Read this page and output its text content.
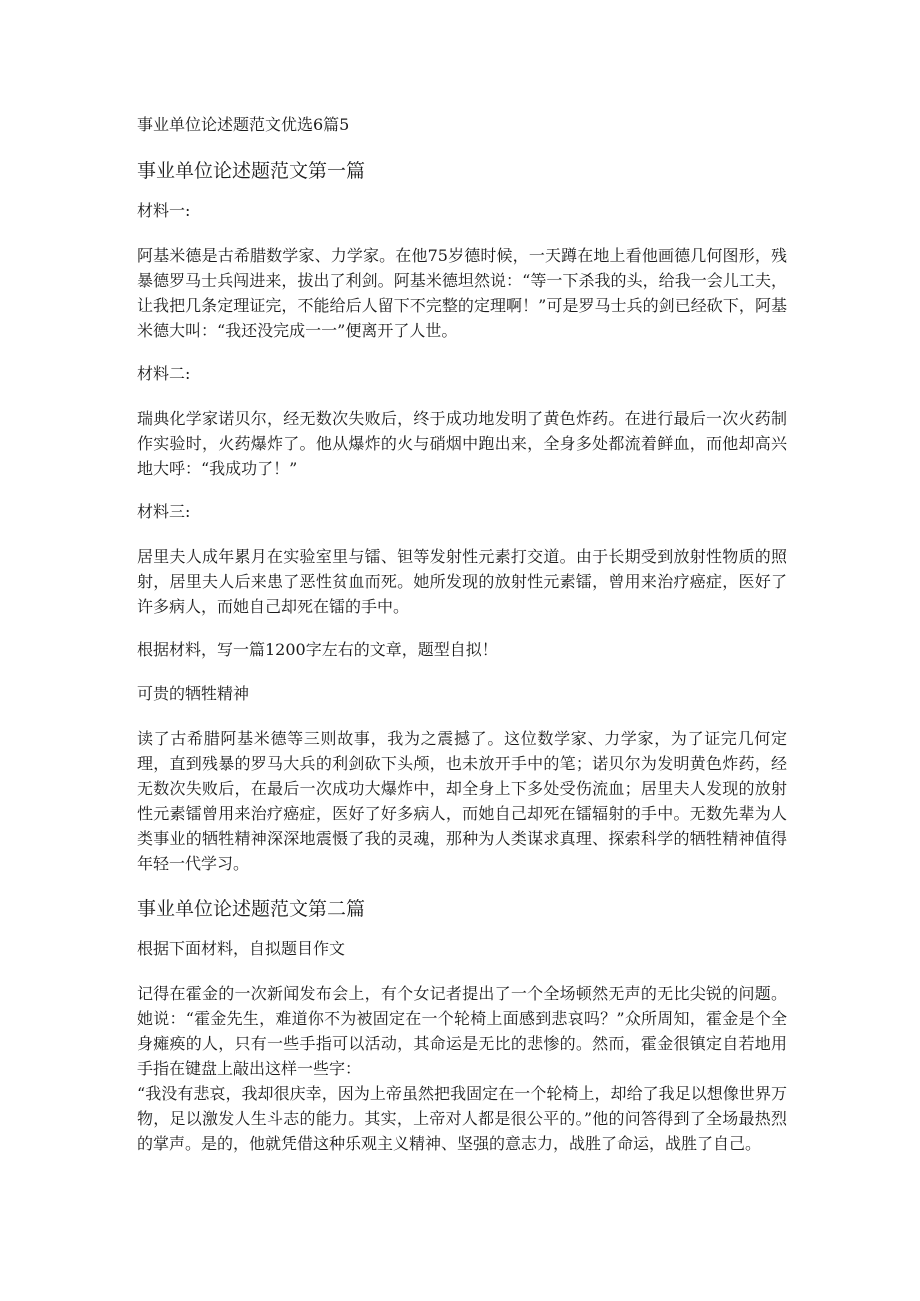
事业单位论述题范文优选6篇5
事业单位论述题范文第一篇
材料一:

阿基米德是古希腊数学家、力学家。在他75岁德时候，一天蹲在地上看他画德几何图形，残暴德罗马士兵闯进来，拔出了利剑。阿基米德坦然说：“等一下杀我的头，给我一会儿工夫，让我把几条定理证完，不能给后人留下不完整的定理啊！”可是罗马士兵的剑已经砍下，阿基米德大叫：“我还没完成一一”便离开了人世。

材料二:

瑞典化学家诺贝尔，经无数次失败后，终于成功地发明了黄色炸药。在进行最后一次火药制作实验时，火药爆炸了。他从爆炸的火与硝烟中跑出来，全身多处都流着鲜血，而他却高兴地大呼：“我成功了！”

材料三:

居里夫人成年累月在实验室里与镭、钽等发射性元素打交道。由于长期受到放射性物质的照射，居里夫人后来患了恶性贫血而死。她所发现的放射性元素镭，曾用来治疗癌症，医好了许多病人，而她自己却死在镭的手中。

根据材料，写一篇1200字左右的文章，题型自拟！
可贵的牺牲精神

读了古希腊阿基米德等三则故事，我为之震撼了。这位数学家、力学家，为了证完几何定理，直到残暴的罗马大兵的利剑砍下头颅，也未放开手中的笔；诺贝尔为发明黄色炸药，经无数次失败后，在最后一次成功大爆炸中，却全身上下多处受伤流血；居里夫人发现的放射性元素镭曾用来治疗癌症，医好了好多病人，而她自己却死在镭辐射的手中。无数先辈为人类事业的牺牲精神深深地震慑了我的灵魂，那种为人类谋求真理、探索科学的牺牲精神值得年轻一代学习。

事业单位论述题范文第二篇
根据下面材料，自拟题目作文

记得在霍金的一次新闻发布会上，有个女记者提出了一个全场顿然无声的无比尖锐的问题。她说：“霍金先生，难道你不为被固定在一个轮椅上面感到悲哀吗？”众所周知，霍金是个全身瘫痪的人，只有一些手指可以活动，其命运是无比的悲惨的。然而，霍金很镇定自若地用手指在键盘上敲出这样一些字：

“我没有悲哀，我却很庆幸，因为上帝虽然把我固定在一个轮椅上，却给了我足以想像世界万物，足以激发人生斗志的能力。其实，上帝对人都是很公平的。”他的问答得到了全场最热烈的掌声。是的，他就凭借这种乐观主义精神、坚强的意志力，战胜了命运，战胜了自己。
